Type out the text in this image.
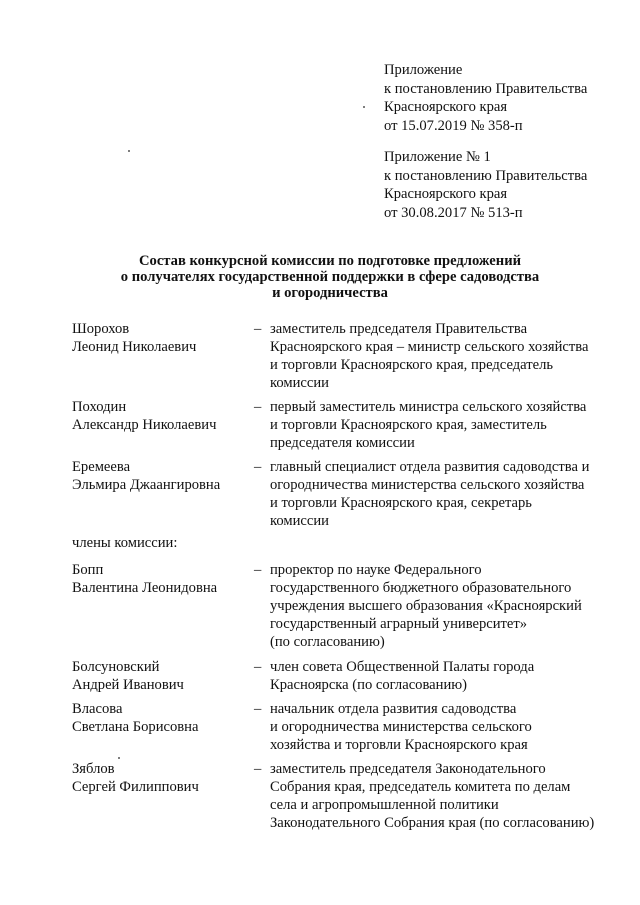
Приложение
к постановлению Правительства
Красноярского края
от 15.07.2019 № 358-п
Приложение № 1
к постановлению Правительства
Красноярского края
от 30.08.2017 № 513-п
Состав конкурсной комиссии по подготовке предложений
о получателях государственной поддержки в сфере садоводства
и огородничества
Шорохов
Леонид Николаевич
– заместитель председателя Правительства
Красноярского края – министр сельского хозяйства
и торговли Красноярского края, председатель
комиссии
Походин
Александр Николаевич
– первый заместитель министра сельского хозяйства
и торговли Красноярского края, заместитель
председателя комиссии
Еремеева
Эльмира Джаангировна
– главный специалист отдела развития садоводства и
огородничества министерства сельского хозяйства
и торговли Красноярского края, секретарь
комиссии
члены комиссии:
Бопп
Валентина Леонидовна
– проректор по науке Федерального
государственного бюджетного образовательного
учреждения высшего образования «Красноярский
государственный аграрный университет»
(по согласованию)
Болсуновский
Андрей Иванович
– член совета Общественной Палаты города
Красноярска (по согласованию)
Власова
Светлана Борисовна
– начальник отдела развития садоводства
и огородничества министерства сельского
хозяйства и торговли Красноярского края
Зяблов
Сергей Филиппович
– заместитель председателя Законодательного
Собрания края, председатель комитета по делам
села и агропромышленной политики
Законодательного Собрания края (по согласованию)
